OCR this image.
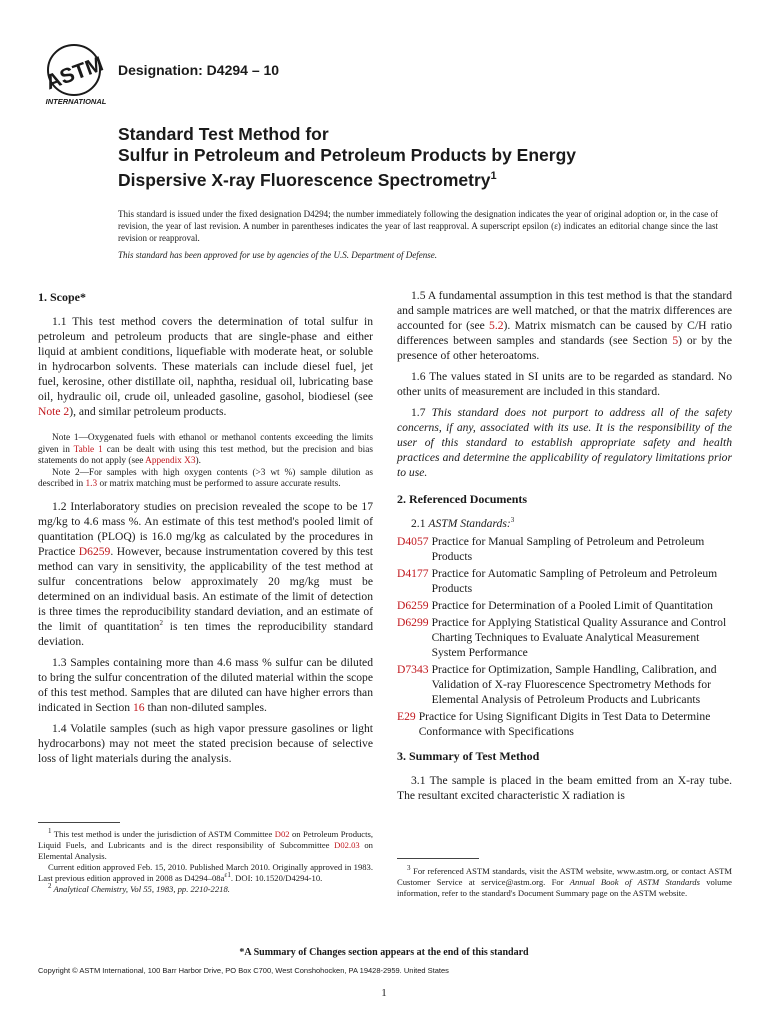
ASTM
INTERNATIONAL
Designation: D4294 – 10
Standard Test Method for
Sulfur in Petroleum and Petroleum Products by Energy
Dispersive X-ray Fluorescence Spectrometry$^1$
This standard is issued under the fixed designation D4294; the number immediately following the designation indicates the year of original adoption or, in the case of revision, the year of last revision. A number in parentheses indicates the year of last reapproval. A superscript epsilon (ε) indicates an editorial change since the last revision or reapproval.
This standard has been approved for use by agencies of the U.S. Department of Defense.
1. Scope*

1.1 This test method covers the determination of total sulfur in petroleum and petroleum products that are single-phase and either liquid at ambient conditions, liquefiable with moderate heat, or soluble in hydrocarbon solvents. These materials can include diesel fuel, jet fuel, kerosine, other distillate oil, naphtha, residual oil, lubricating base oil, hydraulic oil, crude oil, unleaded gasoline, gasohol, biodiesel (see Note 2), and similar petroleum products.

Note 1—Oxygenated fuels with ethanol or methanol contents exceeding the limits given in Table 1 can be dealt with using this test method, but the precision and bias statements do not apply (see Appendix X3).
Note 2—For samples with high oxygen contents (>3 wt %) sample dilution as described in 1.3 or matrix matching must be performed to assure accurate results.

1.2 Interlaboratory studies on precision revealed the scope to be 17 mg/kg to 4.6 mass %. An estimate of this test method's pooled limit of quantitation (PLOQ) is 16.0 mg/kg as calculated by the procedures in Practice D6259. However, because instrumentation covered by this test method can vary in sensitivity, the applicability of the test method at sulfur concentrations below approximately 20 mg/kg must be determined on an individual basis. An estimate of the limit of detection is three times the reproducibility standard deviation, and an estimate of the limit of quantitation$^2$ is ten times the reproducibility standard deviation.

1.3 Samples containing more than 4.6 mass % sulfur can be diluted to bring the sulfur concentration of the diluted material within the scope of this test method. Samples that are diluted can have higher errors than indicated in Section 16 than non-diluted samples.

1.4 Volatile samples (such as high vapor pressure gasolines or light hydrocarbons) may not meet the stated precision because of selective loss of light materials during the analysis.

1.5 A fundamental assumption in this test method is that the standard and sample matrices are well matched, or that the matrix differences are accounted for (see 5.2). Matrix mismatch can be caused by C/H ratio differences between samples and standards (see Section 5) or by the presence of other heteroatoms.

1.6 The values stated in SI units are to be regarded as standard. No other units of measurement are included in this standard.

1.7 This standard does not purport to address all of the safety concerns, if any, associated with its use. It is the responsibility of the user of this standard to establish appropriate safety and health practices and determine the applicability of regulatory limitations prior to use.

2. Referenced Documents

2.1 ASTM Standards:$^3$

D4057 Practice for Manual Sampling of Petroleum and Petroleum Products
D4177 Practice for Automatic Sampling of Petroleum and Petroleum Products
D6259 Practice for Determination of a Pooled Limit of Quantitation
D6299 Practice for Applying Statistical Quality Assurance and Control Charting Techniques to Evaluate Analytical Measurement System Performance
D7343 Practice for Optimization, Sample Handling, Calibration, and Validation of X-ray Fluorescence Spectrometry Methods for Elemental Analysis of Petroleum Products and Lubricants
E29 Practice for Using Significant Digits in Test Data to Determine Conformance with Specifications
3. Summary of Test Method

3.1 The sample is placed in the beam emitted from an X-ray tube. The resultant excited characteristic X radiation is

$^1$ This test method is under the jurisdiction of ASTM Committee D02 on Petroleum Products, Liquid Fuels, and Lubricants and is the direct responsibility of Subcommittee D02.03 on Elemental Analysis.

Current edition approved Feb. 15, 2010. Published March 2010. Originally approved in 1983. Last previous edition approved in 2008 as $D4294-08a^{\varepsilon 1}$. DOI: 10.1520/D4294-10.

$^2$ Analytical Chemistry, Vol 55, 1983, pp. 2210-2218.

$^3$ For referenced ASTM standards, visit the ASTM website, www.astm.org, or contact ASTM Customer Service at service@astm.org. For Annual Book of ASTM Standards volume information, refer to the standard's Document Summary page on the ASTM website.

*A Summary of Changes section appears at the end of this standard
Copyright © ASTM International, 100 Barr Harbor Drive, PO Box C700, West Conshohocken, PA 19428-2959. United States
1
